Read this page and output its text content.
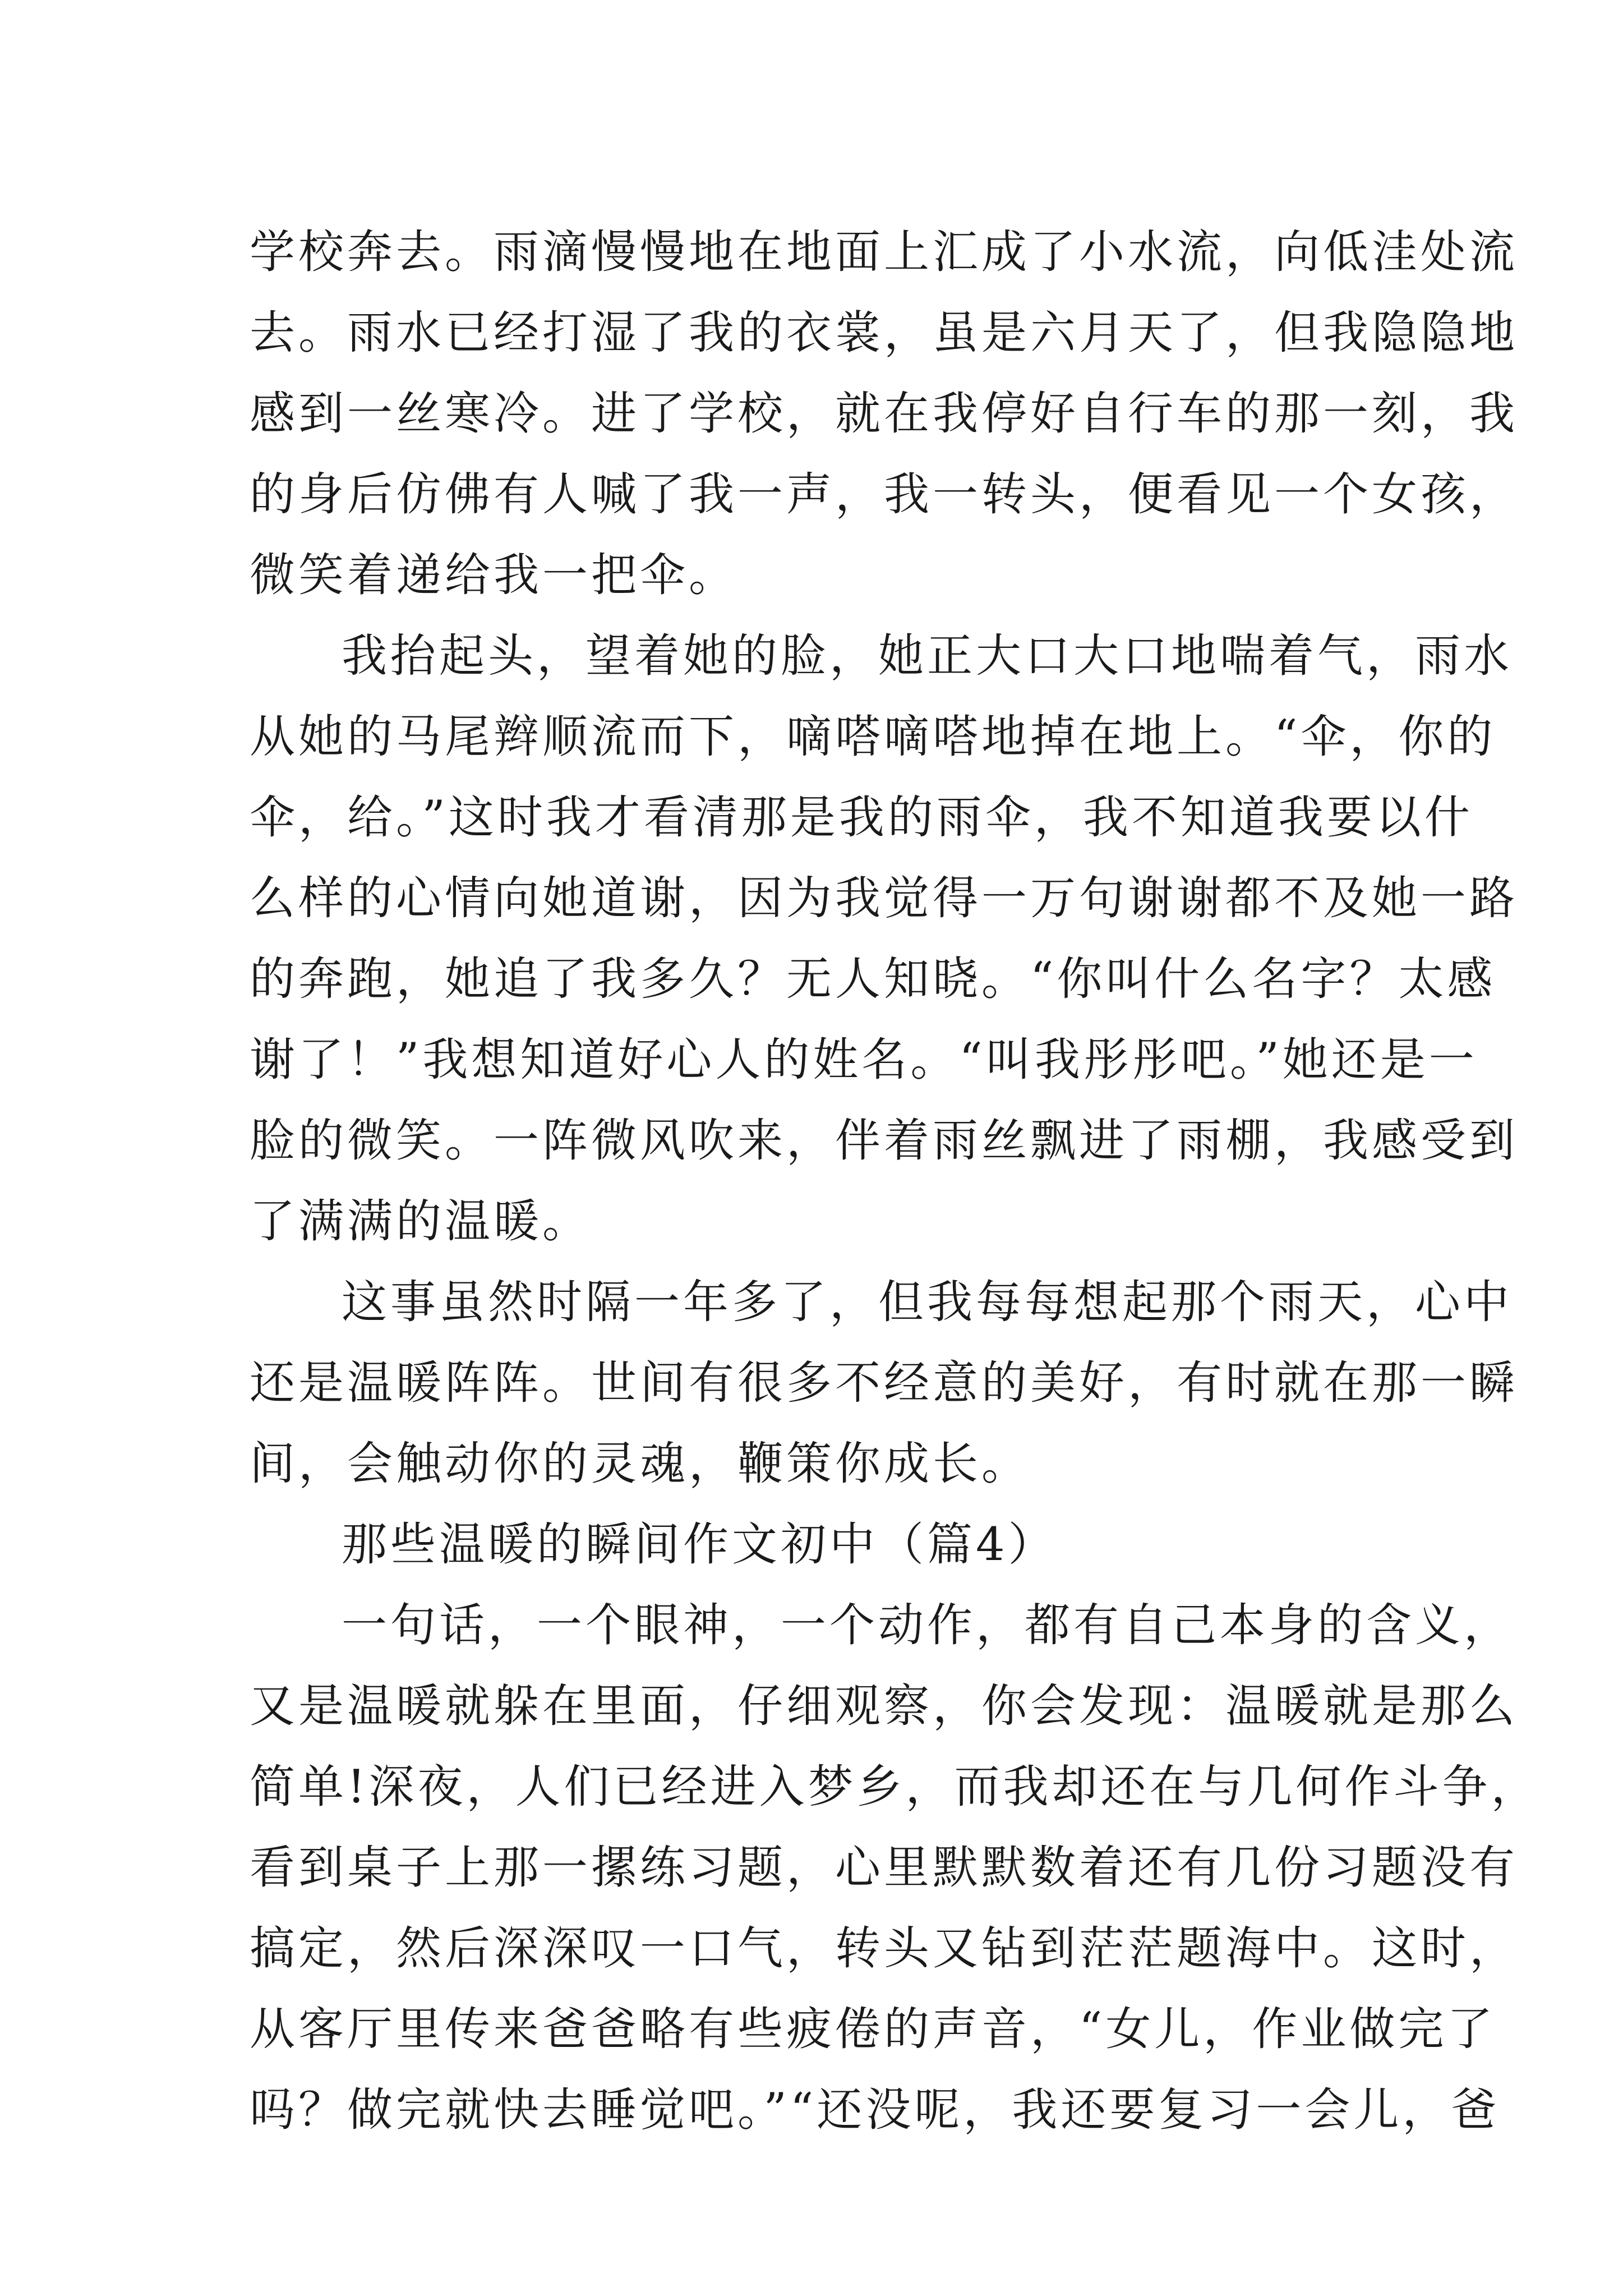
学校奔去。雨滴慢慢地在地面上汇成了小水流，向低洼处流
去。雨水已经打湿了我的衣裳，虽是六月天了，但我隐隐地
感到一丝寒冷。进了学校，就在我停好自行车的那一刻，我
的身后仿佛有人喊了我一声，我一转头，便看见一个女孩，
微笑着递给我一把伞。
我抬起头，望着她的脸，她正大口大口地喘着气，雨水
从她的马尾辫顺流而下，嘀嗒嘀嗒地掉在地上。“伞，你的
伞，给。”这时我才看清那是我的雨伞，我不知道我要以什
么样的心情向她道谢，因为我觉得一万句谢谢都不及她一路
的奔跑，她追了我多久？无人知晓。“你叫什么名字？太感
谢了！”我想知道好心人的姓名。“叫我彤彤吧。”她还是一
脸的微笑。一阵微风吹来，伴着雨丝飘进了雨棚，我感受到
了满满的温暖。
这事虽然时隔一年多了，但我每每想起那个雨天，心中
还是温暖阵阵。世间有很多不经意的美好，有时就在那一瞬
间，会触动你的灵魂，鞭策你成长。
那些温暖的瞬间作文初中（篇4）
一句话，一个眼神，一个动作，都有自己本身的含义，
又是温暖就躲在里面，仔细观察，你会发现：温暖就是那么
简单!深夜，人们已经进入梦乡，而我却还在与几何作斗争，
看到桌子上那一摞练习题，心里默默数着还有几份习题没有
搞定，然后深深叹一口气，转头又钻到茫茫题海中。这时，
从客厅里传来爸爸略有些疲倦的声音，“女儿，作业做完了
吗？做完就快去睡觉吧。”“还没呢，我还要复习一会儿，爸
